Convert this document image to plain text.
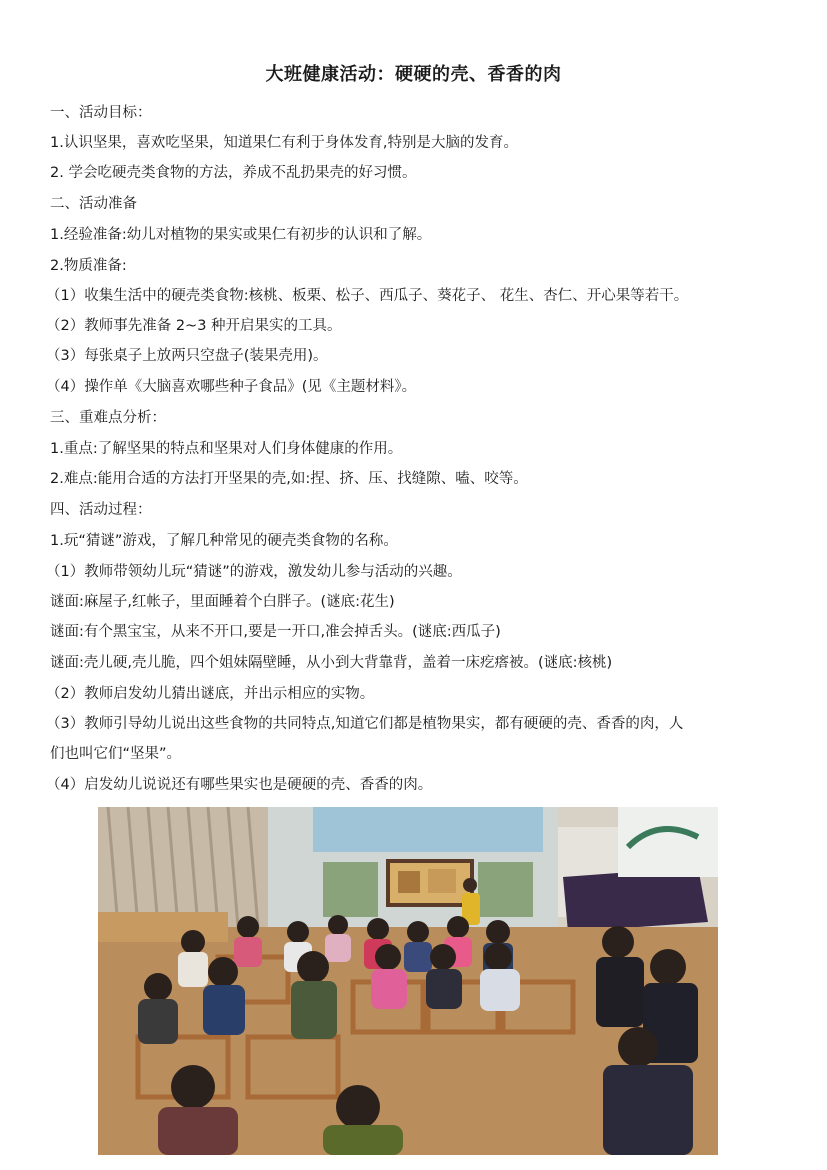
大班健康活动：硬硬的壳、香香的肉
一、活动目标：
1.认识坚果，喜欢吃坚果，知道果仁有利于身体发育,特别是大脑的发育。
2. 学会吃硬壳类食物的方法，养成不乱扔果壳的好习惯。
二、活动准备
1.经验准备:幼儿对植物的果实或果仁有初步的认识和了解。
2.物质准备:
（1）收集生活中的硬壳类食物:核桃、板栗、松子、西瓜子、葵花子、 花生、杏仁、开心果等若干。
（2）教师事先准备 2~3 种开启果实的工具。
（3）每张桌子上放两只空盘子(装果壳用)。
（4）操作单《大脑喜欢哪些种子食品》(见《主题材料》。
三、重难点分析：
1.重点:了解坚果的特点和坚果对人们身体健康的作用。
2.难点:能用合适的方法打开坚果的壳,如:捏、挤、压、找缝隙、嗑、咬等。
四、活动过程：
1.玩“猜谜”游戏，了解几种常见的硬壳类食物的名称。
（1）教师带领幼儿玩“猜谜”的游戏，激发幼儿参与活动的兴趣。
谜面:麻屋子,红帐子，里面睡着个白胖子。(谜底:花生)
谜面:有个黑宝宝，从来不开口,要是一开口,准会掉舌头。(谜底:西瓜子)
谜面:壳儿硬,壳儿脆，四个姐妹隔壁睡，从小到大背靠背，盖着一床疙瘩被。(谜底:核桃)
（2）教师启发幼儿猜出谜底，并出示相应的实物。
（3）教师引导幼儿说出这些食物的共同特点,知道它们都是植物果实，都有硬硬的壳、香香的肉，人
们也叫它们“坚果”。
（4）启发幼儿说说还有哪些果实也是硬硬的壳、香香的肉。
